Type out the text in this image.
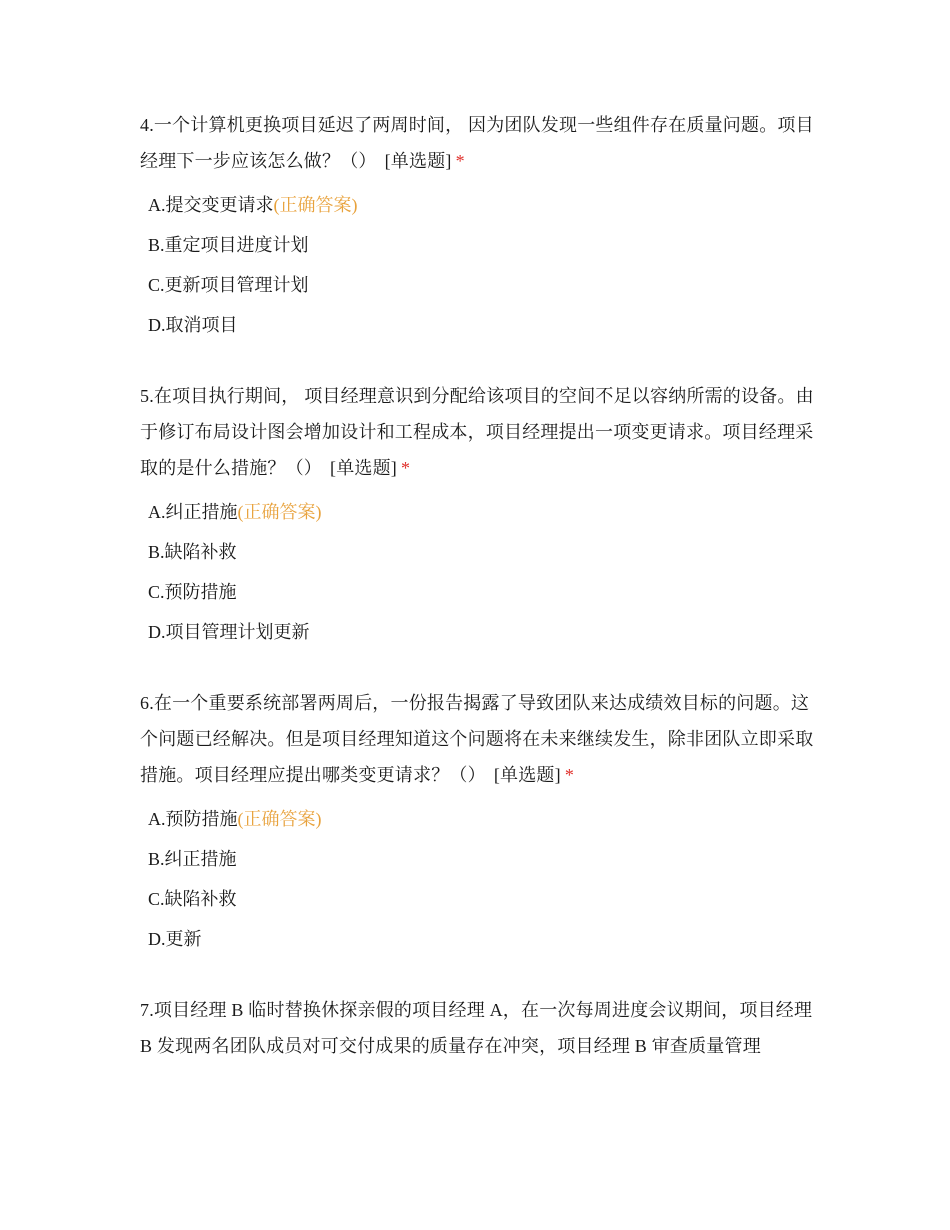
4.一个计算机更换项目延迟了两周时间， 因为团队发现一些组件存在质量问题。项目经理下一步应该怎么做？（） [单选题] *

A.提交变更请求(正确答案)
B.重定项目进度计划
C.更新项目管理计划
D.取消项目

5.在项目执行期间， 项目经理意识到分配给该项目的空间不足以容纳所需的设备。由于修订布局设计图会增加设计和工程成本，项目经理提出一项变更请求。项目经理采取的是什么措施？（） [单选题] *

A.纠正措施(正确答案)
B.缺陷补救
C.预防措施
D.项目管理计划更新

6.在一个重要系统部署两周后，一份报告揭露了导致团队来达成绩效目标的问题。这个问题已经解决。但是项目经理知道这个问题将在未来继续发生，除非团队立即采取措施。项目经理应提出哪类变更请求？（） [单选题] *

A.预防措施(正确答案)
B.纠正措施
C.缺陷补救
D.更新

7.项目经理 B 临时替换休探亲假的项目经理 A，在一次每周进度会议期间，项目经理 B 发现两名团队成员对可交付成果的质量存在冲突，项目经理 B 审查质量管理
